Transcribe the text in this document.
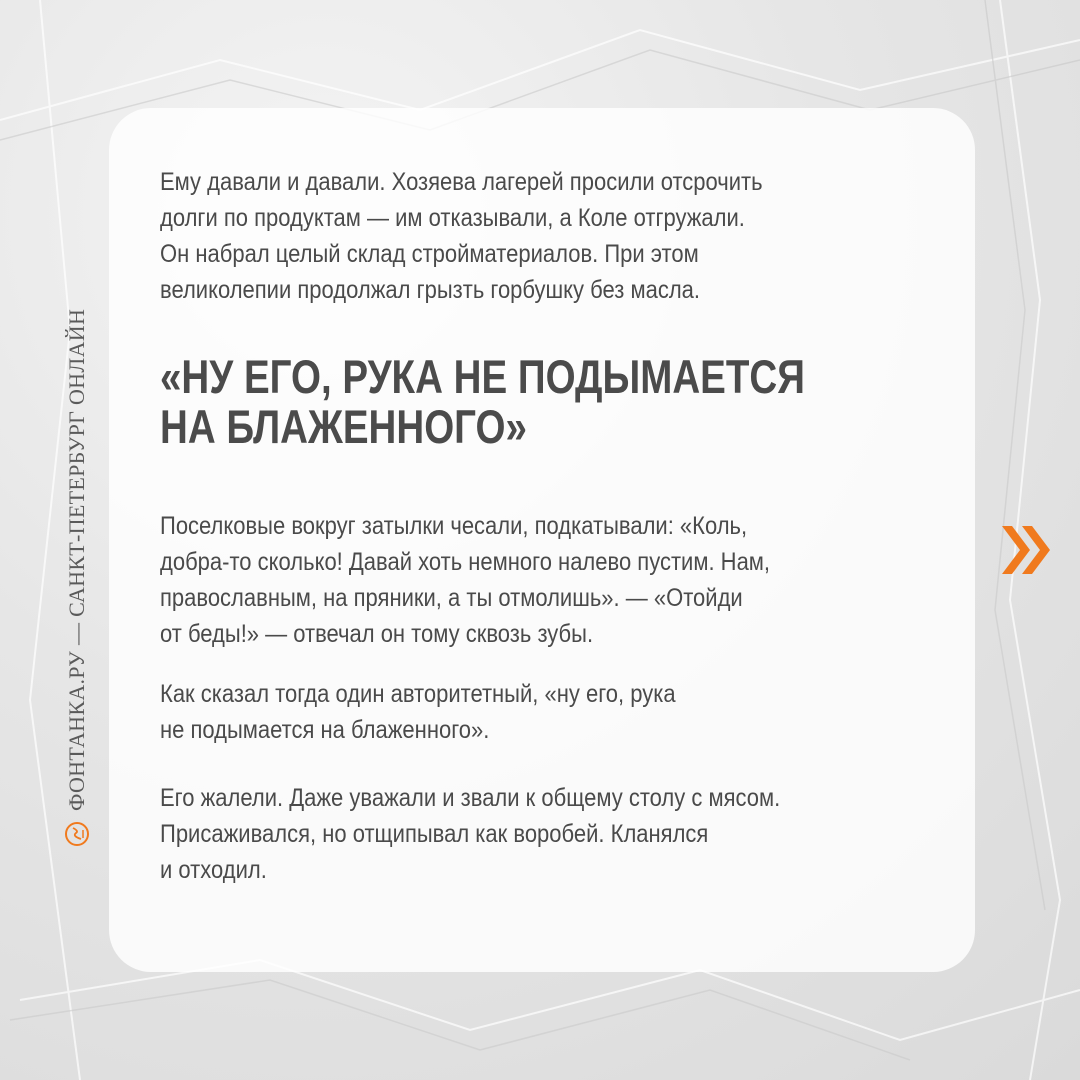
Ему давали и давали. Хозяева лагерей просили отсрочить
долги по продуктам — им отказывали, а Коле отгружали.
Он набрал целый склад стройматериалов. При этом
великолепии продолжал грызть горбушку без масла.
«НУ ЕГО, РУКА НЕ ПОДЫМАЕТСЯ
НА БЛАЖЕННОГО»
Поселковые вокруг затылки чесали, подкатывали: «Коль,
добра-то сколько! Давай хоть немного налево пустим. Нам,
православным, на пряники, а ты отмолишь». — «Отойди
от беды!» — отвечал он тому сквозь зубы.
Как сказал тогда один авторитетный, «ну его, рука
не подымается на блаженного».
Его жалели. Даже уважали и звали к общему столу с мясом.
Присаживался, но отщипывал как воробей. Кланялся
и отходил.
ФОНТАНКА.РУ — САНКТ-ПЕТЕРБУРГ ОНЛАЙН
